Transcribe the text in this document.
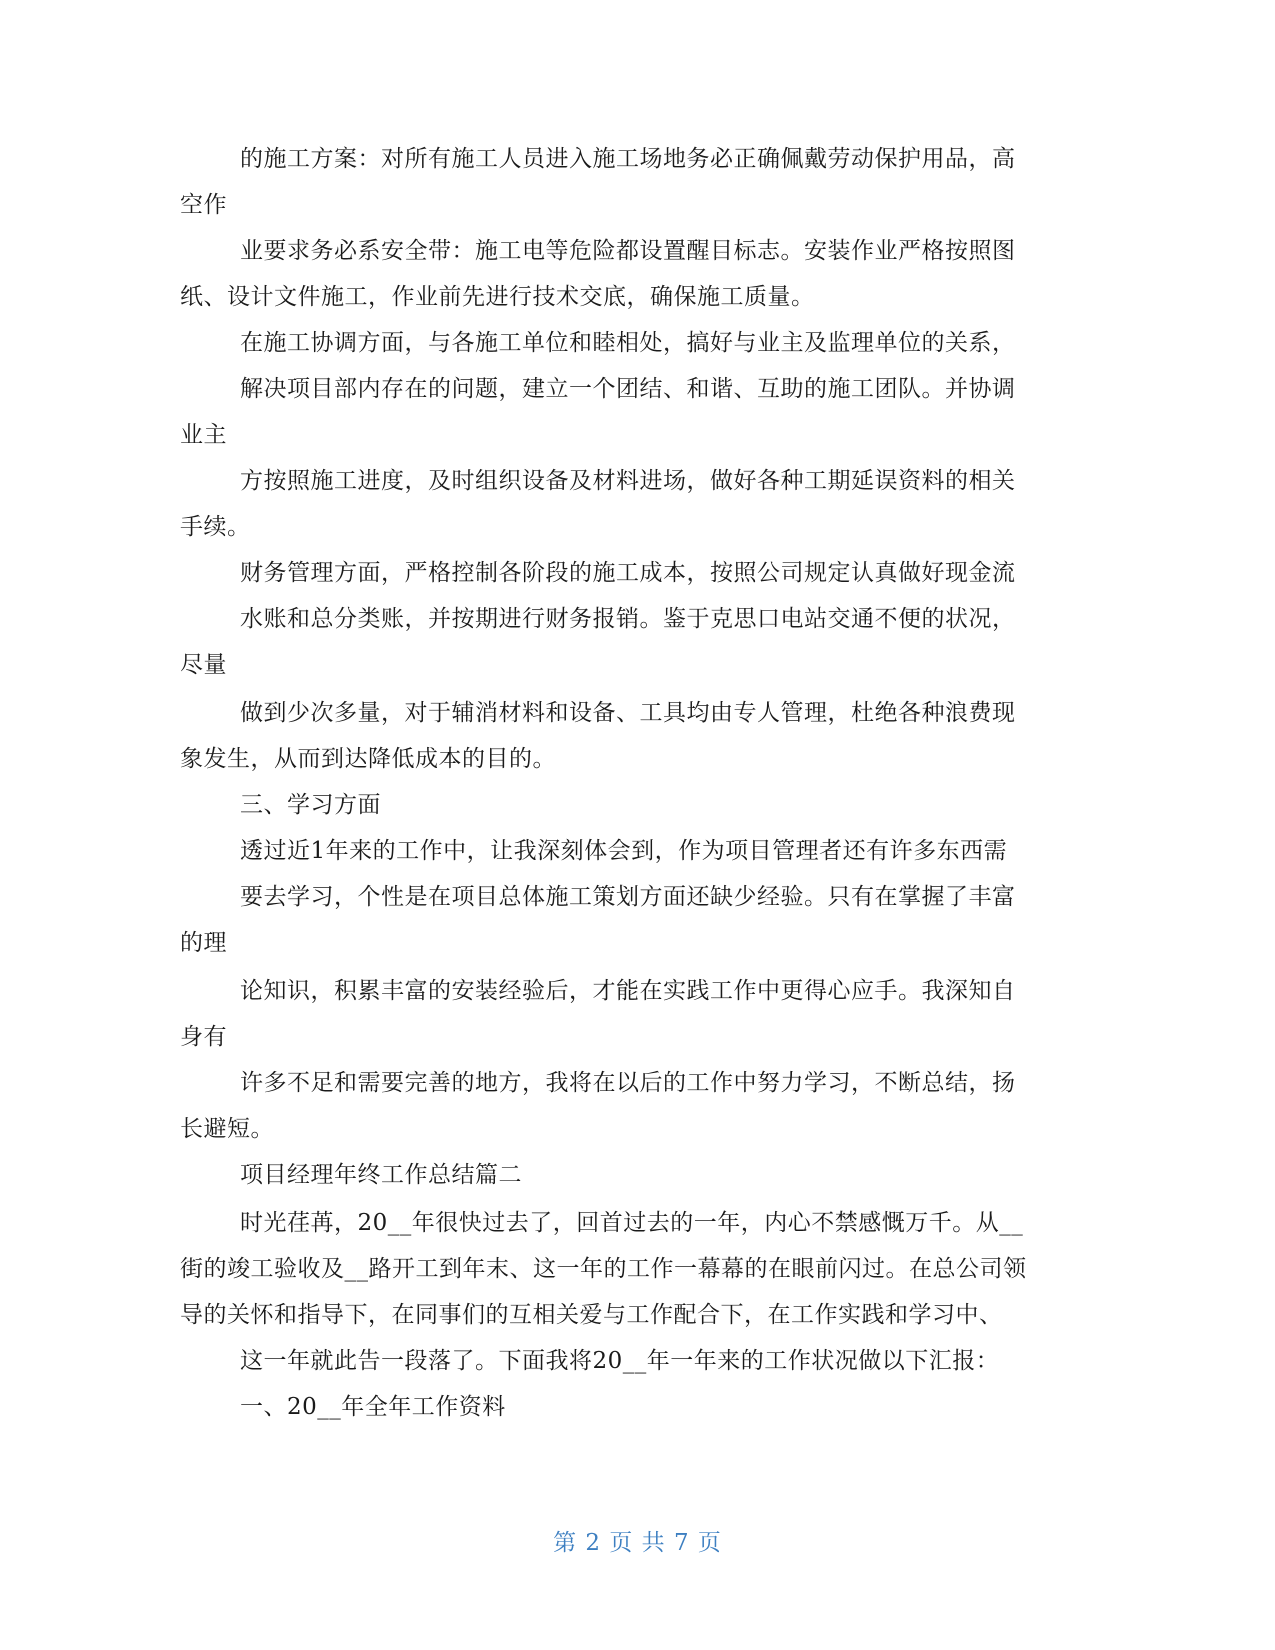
的施工方案：对所有施工人员进入施工场地务必正确佩戴劳动保护用品，高
空作
业要求务必系安全带：施工电等危险都设置醒目标志。安装作业严格按照图
纸、设计文件施工，作业前先进行技术交底，确保施工质量。
在施工协调方面，与各施工单位和睦相处，搞好与业主及监理单位的关系，
解决项目部内存在的问题，建立一个团结、和谐、互助的施工团队。并协调
业主
方按照施工进度，及时组织设备及材料进场，做好各种工期延误资料的相关
手续。
财务管理方面，严格控制各阶段的施工成本，按照公司规定认真做好现金流
水账和总分类账，并按期进行财务报销。鉴于克思口电站交通不便的状况，
尽量
做到少次多量，对于辅消材料和设备、工具均由专人管理，杜绝各种浪费现
象发生，从而到达降低成本的目的。
三、学习方面
透过近1年来的工作中，让我深刻体会到，作为项目管理者还有许多东西需
要去学习，个性是在项目总体施工策划方面还缺少经验。只有在掌握了丰富
的理
论知识，积累丰富的安装经验后，才能在实践工作中更得心应手。我深知自
身有
许多不足和需要完善的地方，我将在以后的工作中努力学习，不断总结，扬
长避短。
项目经理年终工作总结篇二
时光荏苒，20__年很快过去了，回首过去的一年，内心不禁感慨万千。从__
街的竣工验收及__路开工到年末、这一年的工作一幕幕的在眼前闪过。在总公司领
导的关怀和指导下，在同事们的互相关爱与工作配合下，在工作实践和学习中、
这一年就此告一段落了。下面我将20__年一年来的工作状况做以下汇报：
一、20__年全年工作资料
第 2 页 共 7 页
